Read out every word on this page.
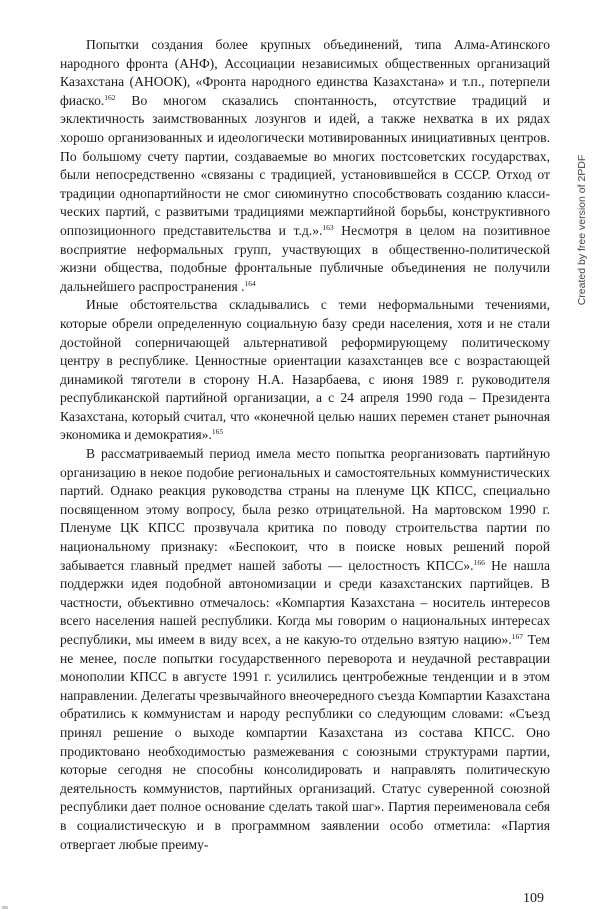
Попытки создания более крупных объединений, типа Алма-Атинского народного фронта (АНФ), Ассоциации независимых общественных организаций Казахстана (АНООК), «Фронта народного единства Казахстана» и т.п., потерпели фиаско.$^{162}$ Во многом сказались спонтанность, отсутствие традиций и эклектичность заимствованных лозунгов и идей, а также нехватка в их рядах хорошо организованных и идеологически мотивированных инициативных центров. По большому счету партии, создаваемые во многих постсоветских государствах, были непосредственно «связаны с традицией, установившейся в СССР. Отход от традиции однопартийности не смог сиюминутно способствовать созданию классических партий, с развитыми традициями межпартийной борьбы, конструктивного оппозиционного представительства и т.д.».$^{163}$ Несмотря в целом на позитивное восприятие неформальных групп, участвующих в общественно-политической жизни общества, подобные фронтальные публичные объединения не получили дальнейшего распространения .$^{164}$

Иные обстоятельства складывались с теми неформальными течениями, которые обрели определенную социальную базу среди населения, хотя и не стали достойной соперничающей альтернативой реформирующему политическому центру в республике. Ценностные ориентации казахстанцев все с возрастающей динамикой тяготели в сторону Н.А. Назарбаева, с июня 1989 г. руководителя республиканской партийной организации, а с 24 апреля 1990 года – Президента Казахстана, который считал, что «конечной целью наших перемен станет рыночная экономика и демократия».$^{165}$

В рассматриваемый период имела место попытка реорганизовать партийную организацию в некое подобие региональных и самостоятельных коммунистических партий. Однако реакция руководства страны на пленуме ЦК КПСС, специально посвященном этому вопросу, была резко отрицательной. На мартовском 1990 г. Пленуме ЦК КПСС прозвучала критика по поводу строительства партии по национальному признаку: «Беспокоит, что в поиске новых решений порой забывается главный предмет нашей заботы — целостность КПСС».$^{166}$ Не нашла поддержки идея подобной автономизации и среди казахстанских партийцев. В частности, объективно отмечалось: «Компартия Казахстана – носитель интересов всего населения нашей республики. Когда мы говорим о национальных интересах республики, мы имеем в виду всех, а не какую-то отдельно взятую нацию».$^{167}$ Тем не менее, после попытки государственного переворота и неудачной реставрации монополии КПСС в августе 1991 г. усилились центробежные тенденции и в этом направлении. Делегаты чрезвычайного внеочередного съезда Компартии Казахстана обратились к коммунистам и народу республики со следующим словами: «Съезд принял решение о выходе компартии Казахстана из состава КПСС. Оно продиктовано необходимостью размежевания с союзными структурами партии, которые сегодня не способны консолидировать и направлять политическую деятельность коммунистов, партийных организаций. Статус суверенной союзной республики дает полное основание сделать такой шаг». Партия переименовала себя в социалистическую и в программном заявлении особо отметила: «Партия отвергает любые преиму-

109
Created by free version of 2PDF
